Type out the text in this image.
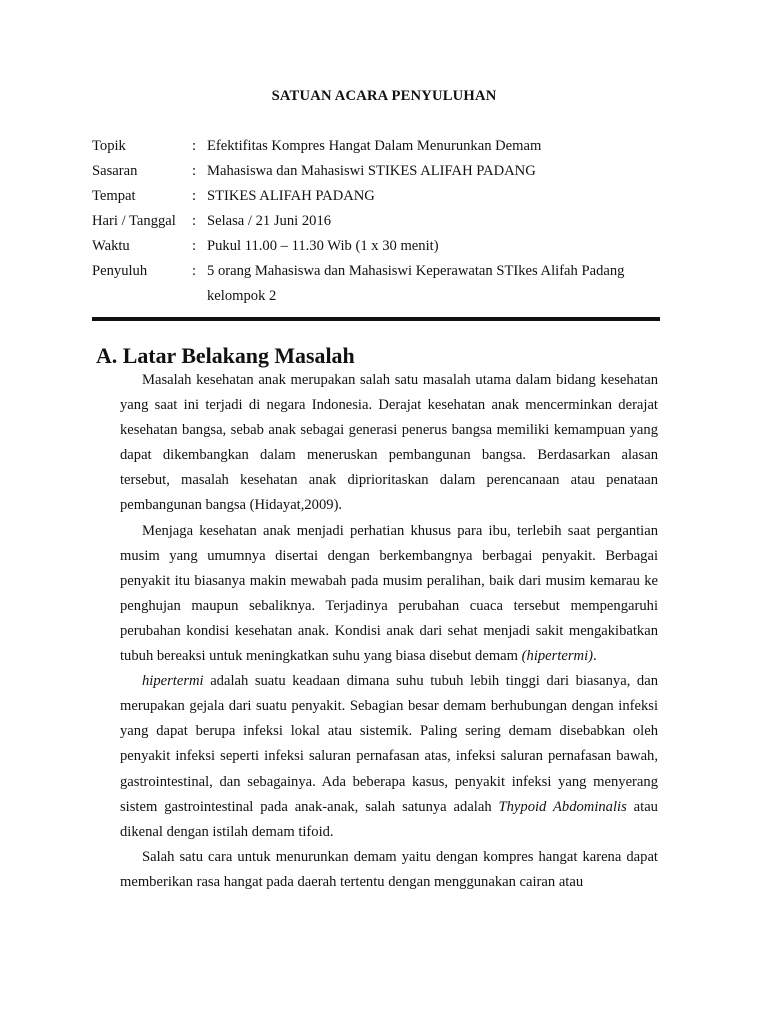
SATUAN ACARA PENYULUHAN
Topik	: Efektifitas Kompres Hangat Dalam Menurunkan Demam
Sasaran	: Mahasiswa dan Mahasiswi STIKES ALIFAH PADANG
Tempat	: STIKES ALIFAH PADANG
Hari / Tanggal	: Selasa / 21 Juni 2016
Waktu	: Pukul 11.00 – 11.30 Wib (1 x 30 menit)
Penyuluh	: 5 orang Mahasiswa dan Mahasiswi Keperawatan STIkes Alifah Padang
kelompok 2
A. Latar Belakang Masalah

Masalah kesehatan anak merupakan salah satu masalah utama dalam bidang kesehatan yang saat ini terjadi di negara Indonesia. Derajat kesehatan anak mencerminkan derajat kesehatan bangsa, sebab anak sebagai generasi penerus bangsa memiliki kemampuan yang dapat dikembangkan dalam meneruskan pembangunan bangsa. Berdasarkan alasan tersebut, masalah kesehatan anak diprioritaskan dalam perencanaan atau penataan pembangunan bangsa (Hidayat,2009).

Menjaga kesehatan anak menjadi perhatian khusus para ibu, terlebih saat pergantian musim yang umumnya disertai dengan berkembangnya berbagai penyakit. Berbagai penyakit itu biasanya makin mewabah pada musim peralihan, baik dari musim kemarau ke penghujan maupun sebaliknya. Terjadinya perubahan cuaca tersebut mempengaruhi perubahan kondisi kesehatan anak. Kondisi anak dari sehat menjadi sakit mengakibatkan tubuh bereaksi untuk meningkatkan suhu yang biasa disebut demam (hipertermi).

hipertermi adalah suatu keadaan dimana suhu tubuh lebih tinggi dari biasanya, dan merupakan gejala dari suatu penyakit. Sebagian besar demam berhubungan dengan infeksi yang dapat berupa infeksi lokal atau sistemik. Paling sering demam disebabkan oleh penyakit infeksi seperti infeksi saluran pernafasan atas, infeksi saluran pernafasan bawah, gastrointestinal, dan sebagainya. Ada beberapa kasus, penyakit infeksi yang menyerang sistem gastrointestinal pada anak-anak, salah satunya adalah Thypoid Abdominalis atau dikenal dengan istilah demam tifoid.

Salah satu cara untuk menurunkan demam yaitu dengan kompres hangat karena dapat memberikan rasa hangat pada daerah tertentu dengan menggunakan cairan atau
